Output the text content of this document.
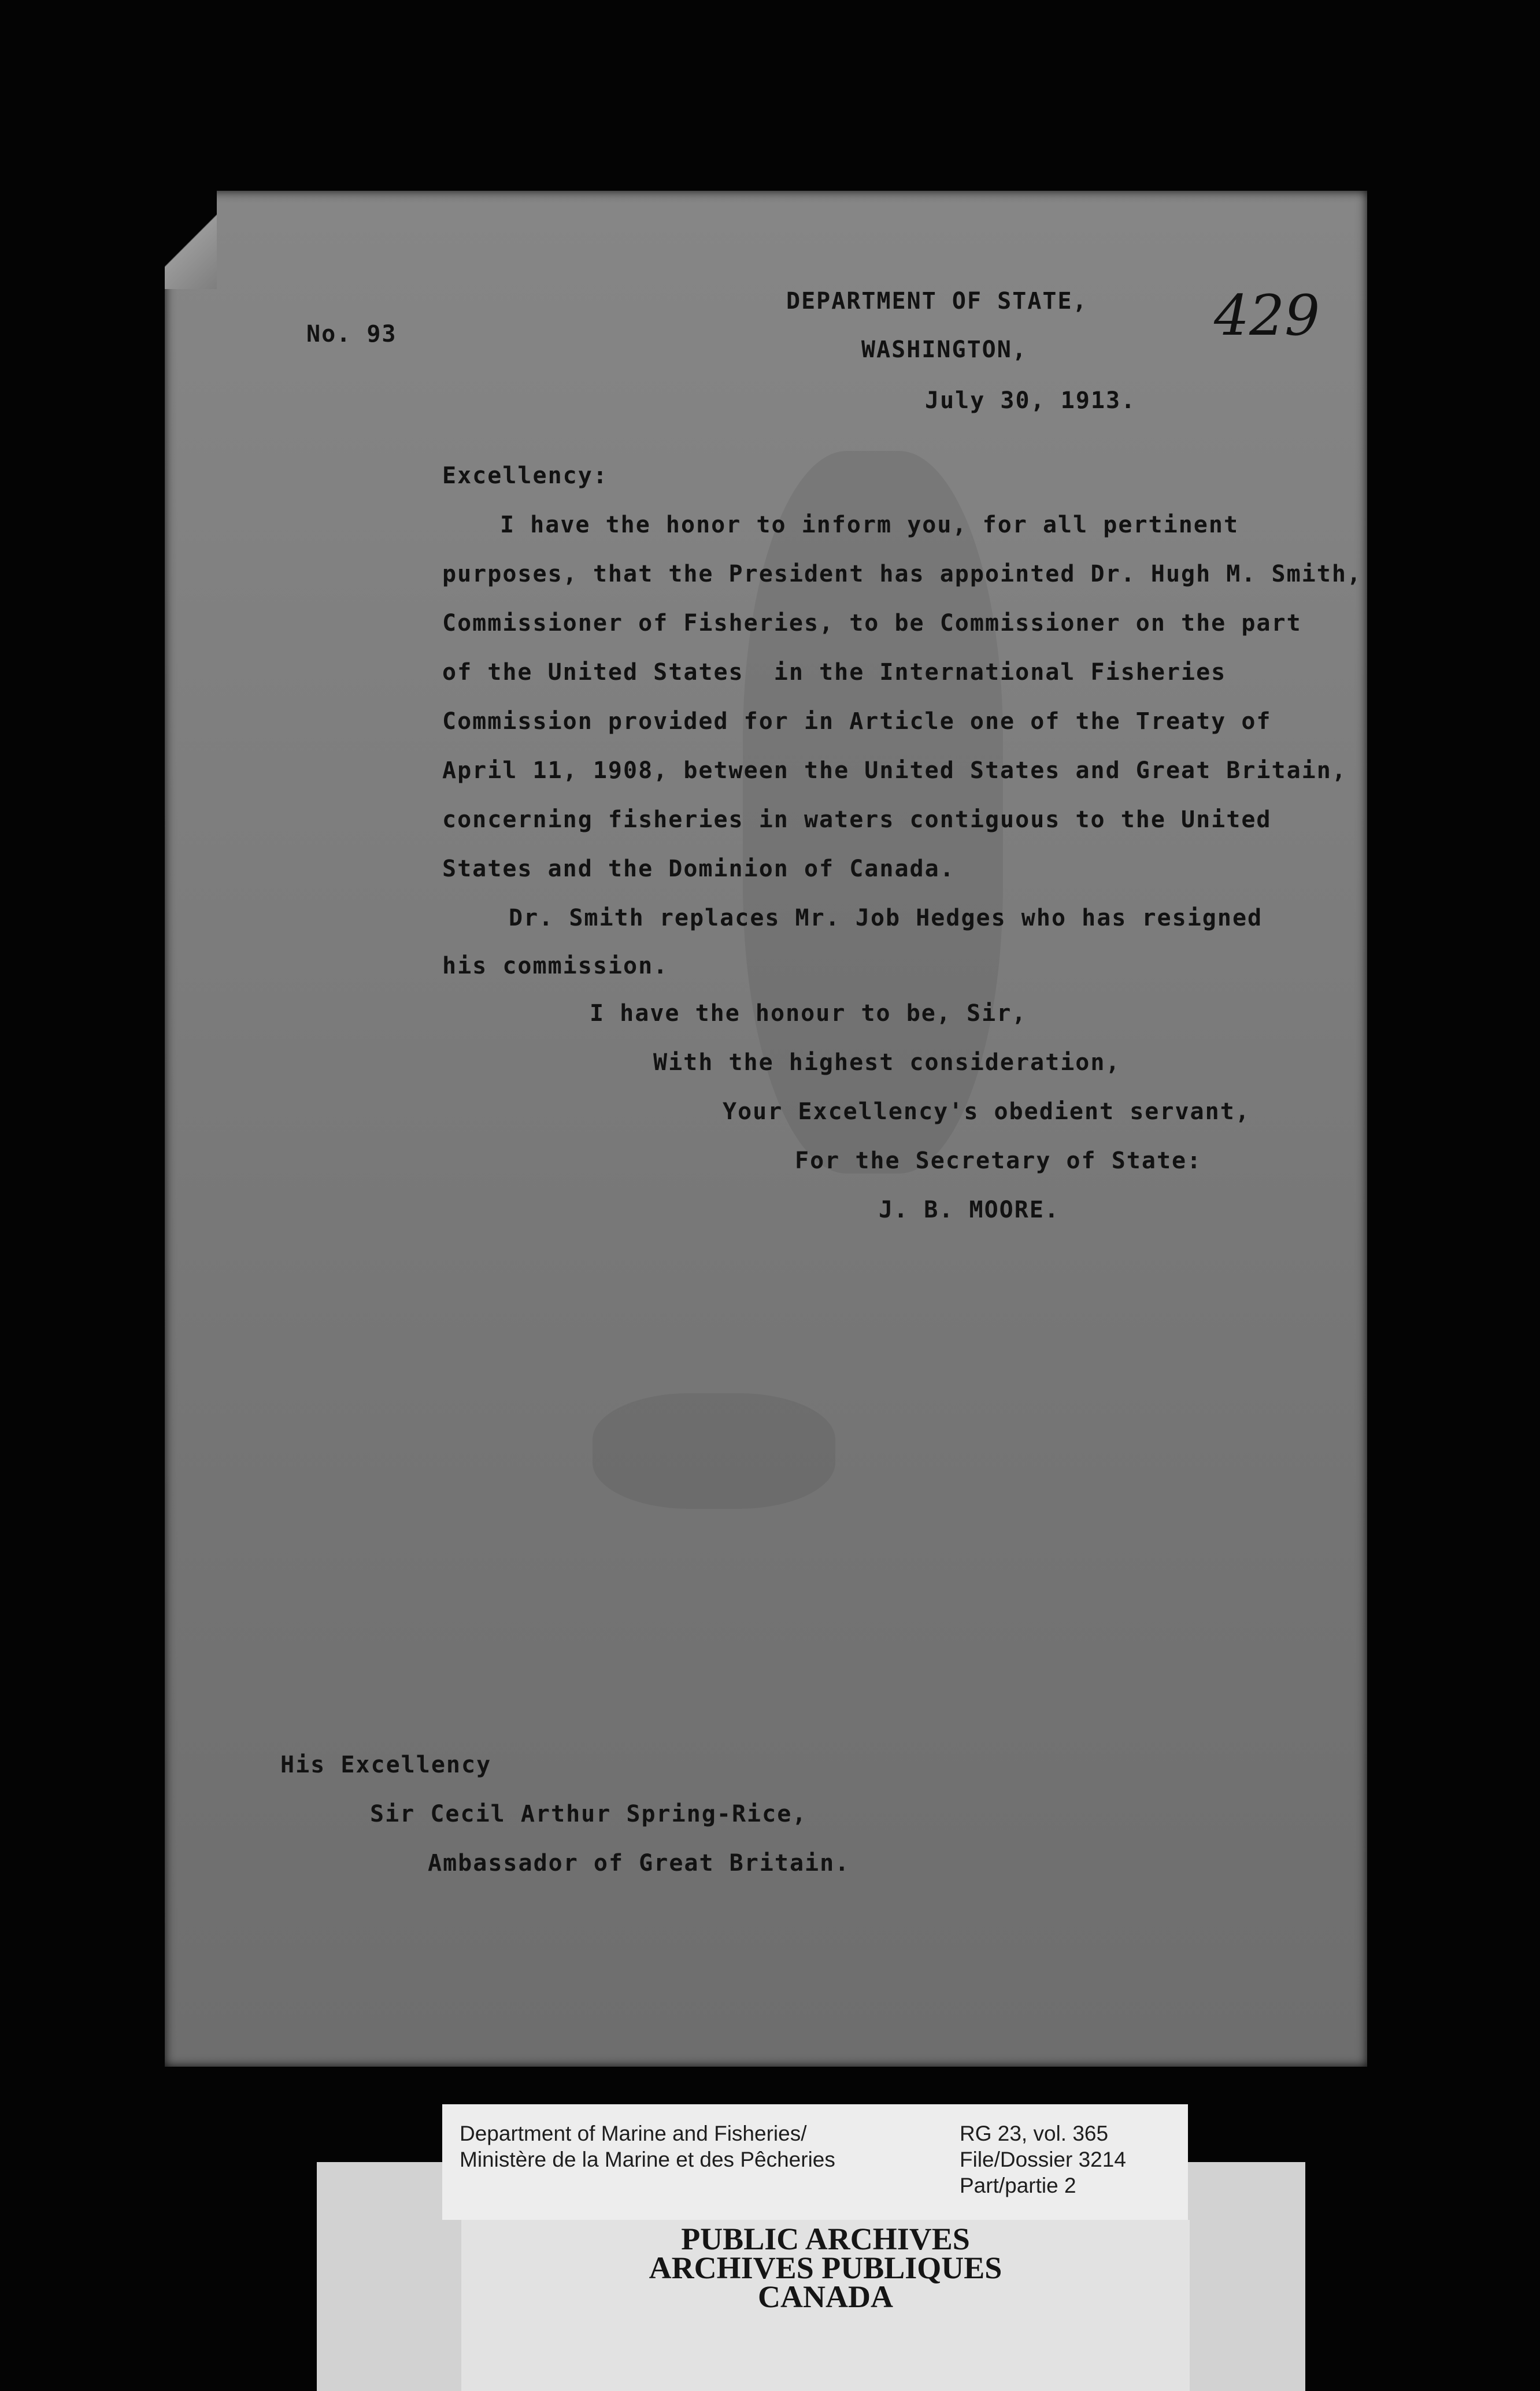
No. 93	429
DEPARTMENT OF STATE,
WASHINGTON,
July 30, 1913.
Excellency:
I have the honor to inform you, for all pertinent
purposes, that the President has appointed Dr. Hugh M. Smith,
Commissioner of Fisheries, to be Commissioner on the part
of the United States  in the International Fisheries
Commission provided for in Article one of the Treaty of
April 11, 1908, between the United States and Great Britain,
concerning fisheries in waters contiguous to the United
States and the Dominion of Canada.
Dr. Smith replaces Mr. Job Hedges who has resigned
his commission.
I have the honour to be, Sir,
With the highest consideration,
Your Excellency's obedient servant,
For the Secretary of State:
J. B. MOORE.
His Excellency
Sir Cecil Arthur Spring-Rice,
Ambassador of Great Britain.
PUBLIC ARCHIVES
ARCHIVES PUBLIQUES
CANADA
Department of Marine and Fisheries/
Ministère de la Marine et des Pêcheries
RG 23, vol. 365
File/Dossier 3214
Part/partie 2
